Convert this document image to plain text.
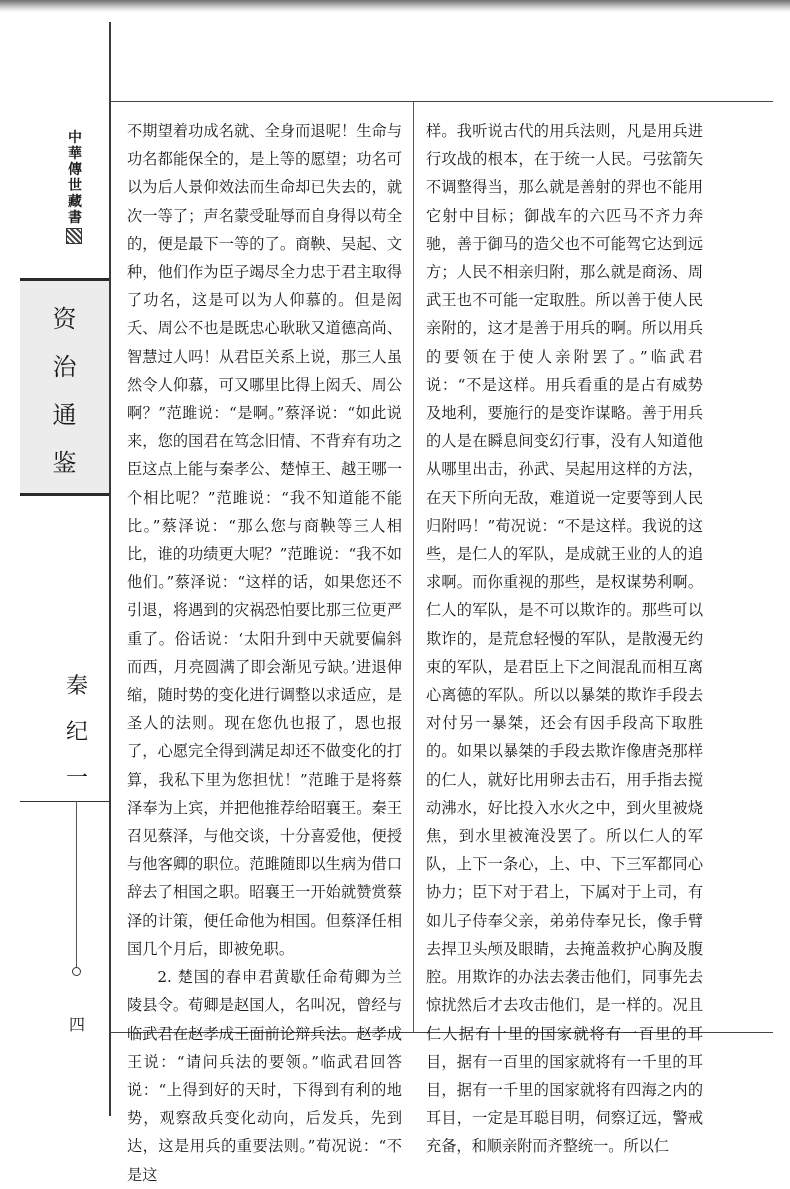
中
華
傳
世
藏
書
资
治
通
鉴
秦
纪
一
四

不期望着功成名就、全身而退呢！生命与功名都能保全的，是上等的愿望；功名可以为后人景仰效法而生命却已失去的，就次一等了；声名蒙受耻辱而自身得以苟全的，便是最下一等的了。商鞅、吴起、文种，他们作为臣子竭尽全力忠于君主取得了功名，这是可以为人仰慕的。但是闳夭、周公不也是既忠心耿耿又道德高尚、智慧过人吗！从君臣关系上说，那三人虽然令人仰慕，可又哪里比得上闳夭、周公啊？”范雎说：“是啊。”蔡泽说：“如此说来，您的国君在笃念旧情、不背弃有功之臣这点上能与秦孝公、楚悼王、越王哪一个相比呢？”范雎说：“我不知道能不能比。”蔡泽说：“那么您与商鞅等三人相比，谁的功绩更大呢？”范雎说：“我不如他们。”蔡泽说：“这样的话，如果您还不引退，将遇到的灾祸恐怕要比那三位更严重了。俗话说：‘太阳升到中天就要偏斜而西，月亮圆满了即会渐见亏缺。’进退伸缩，随时势的变化进行调整以求适应，是圣人的法则。现在您仇也报了，恩也报了，心愿完全得到满足却还不做变化的打算，我私下里为您担忧！”范雎于是将蔡泽奉为上宾，并把他推荐给昭襄王。秦王召见蔡泽，与他交谈，十分喜爱他，便授与他客卿的职位。范雎随即以生病为借口辞去了相国之职。昭襄王一开始就赞赏蔡泽的计策，便任命他为相国。但蔡泽任相国几个月后，即被免职。

2. 楚国的春申君黄歇任命荀卿为兰陵县令。荀卿是赵国人，名叫况，曾经与临武君在赵孝成王面前论辩兵法。赵孝成王说：“请问兵法的要领。”临武君回答说：“上得到好的天时，下得到有利的地势，观察敌兵变化动向，后发兵，先到达，这是用兵的重要法则。”荀况说：“不是这

样。我听说古代的用兵法则，凡是用兵进行攻战的根本，在于统一人民。弓弦箭矢不调整得当，那么就是善射的羿也不能用它射中目标；御战车的六匹马不齐力奔驰，善于御马的造父也不可能驾它达到远方；人民不相亲归附，那么就是商汤、周武王也不可能一定取胜。所以善于使人民亲附的，这才是善于用兵的啊。所以用兵的要领在于使人亲附罢了。”临武君说：“不是这样。用兵看重的是占有威势及地利，要施行的是变诈谋略。善于用兵的人是在瞬息间变幻行事，没有人知道他从哪里出击，孙武、吴起用这样的方法，在天下所向无敌，难道说一定要等到人民归附吗！”荀况说：“不是这样。我说的这些，是仁人的军队，是成就王业的人的追求啊。而你重视的那些，是权谋势利啊。仁人的军队，是不可以欺诈的。那些可以欺诈的，是荒怠轻慢的军队，是散漫无约束的军队，是君臣上下之间混乱而相互离心离德的军队。所以以暴桀的欺诈手段去对付另一暴桀，还会有因手段高下取胜的。如果以暴桀的手段去欺诈像唐尧那样的仁人，就好比用卵去击石，用手指去搅动沸水，好比投入水火之中，到火里被烧焦，到水里被淹没罢了。所以仁人的军队，上下一条心，上、中、下三军都同心协力；臣下对于君上，下属对于上司，有如儿子侍奉父亲，弟弟侍奉兄长，像手臂去捍卫头颅及眼睛，去掩盖救护心胸及腹腔。用欺诈的办法去袭击他们，同事先去惊扰然后才去攻击他们，是一样的。况且仁人据有十里的国家就将有一百里的耳目，据有一百里的国家就将有一千里的耳目，据有一千里的国家就将有四海之内的耳目，一定是耳聪目明，伺察辽远，警戒充备，和顺亲附而齐整统一。所以仁
